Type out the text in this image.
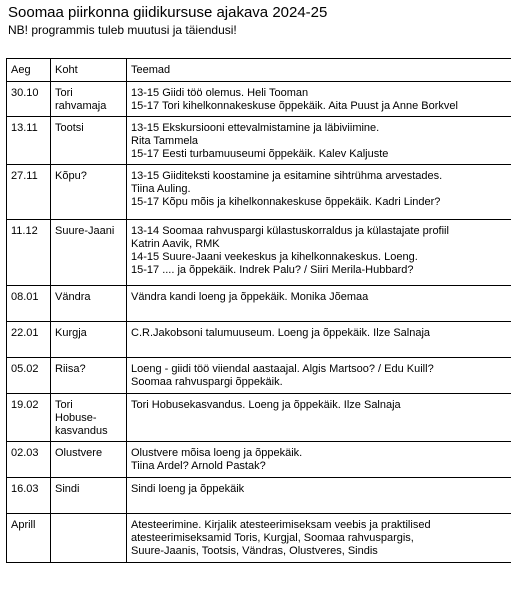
Soomaa piirkonna giidikursuse ajakava 2024-25
NB! programmis tuleb muutusi ja täiendusi!
Aeg	Koht	Teemad

30.10	Tori
rahvamaja	13-15 Giidi töö olemus. Heli Tooman
15-17 Tori kihelkonnakeskuse õppekäik. Aita Puust ja Anne Borkvel

13.11	Tootsi	13-15 Ekskursiooni ettevalmistamine ja läbiviimine.
Rita Tammela
15-17 Eesti turbamuuseumi õppekäik. Kalev Kaljuste

27.11	Kõpu?	13-15 Giiditeksti koostamine ja esitamine sihtrühma arvestades.
Tiina Auling.
15-17 Kõpu mõis ja kihelkonnakeskuse õppekäik. Kadri Linder?

11.12	Suure-Jaani	13-14 Soomaa rahvuspargi külastuskorraldus ja külastajate profiil
Katrin Aavik, RMK
14-15 Suure-Jaani veekeskus ja kihelkonnakeskus. Loeng.
15-17 .... ja õppekäik. Indrek Palu? / Siiri Merila-Hubbard?

08.01	Vändra	Vändra kandi loeng ja õppekäik. Monika Jõemaa

22.01	Kurgja	C.R.Jakobsoni talumuuseum. Loeng ja õppekäik. Ilze Salnaja

05.02	Riisa?	Loeng - giidi töö viiendal aastaajal. Algis Martsoo? / Edu Kuill?
Soomaa rahvuspargi õppekäik.

19.02	Tori
Hobuse-
kasvandus	Tori Hobusekasvandus. Loeng ja õppekäik. Ilze Salnaja

02.03	Olustvere	Olustvere mõisa loeng ja õppekäik.
Tiina Ardel? Arnold Pastak?

16.03	Sindi	Sindi loeng ja õppekäik

Aprill		Atesteerimine. Kirjalik atesteerimiseksam veebis ja praktilised
atesteerimiseksamid Toris, Kurgjal, Soomaa rahvuspargis,
Suure-Jaanis, Tootsis, Vändras, Olustveres, Sindis
